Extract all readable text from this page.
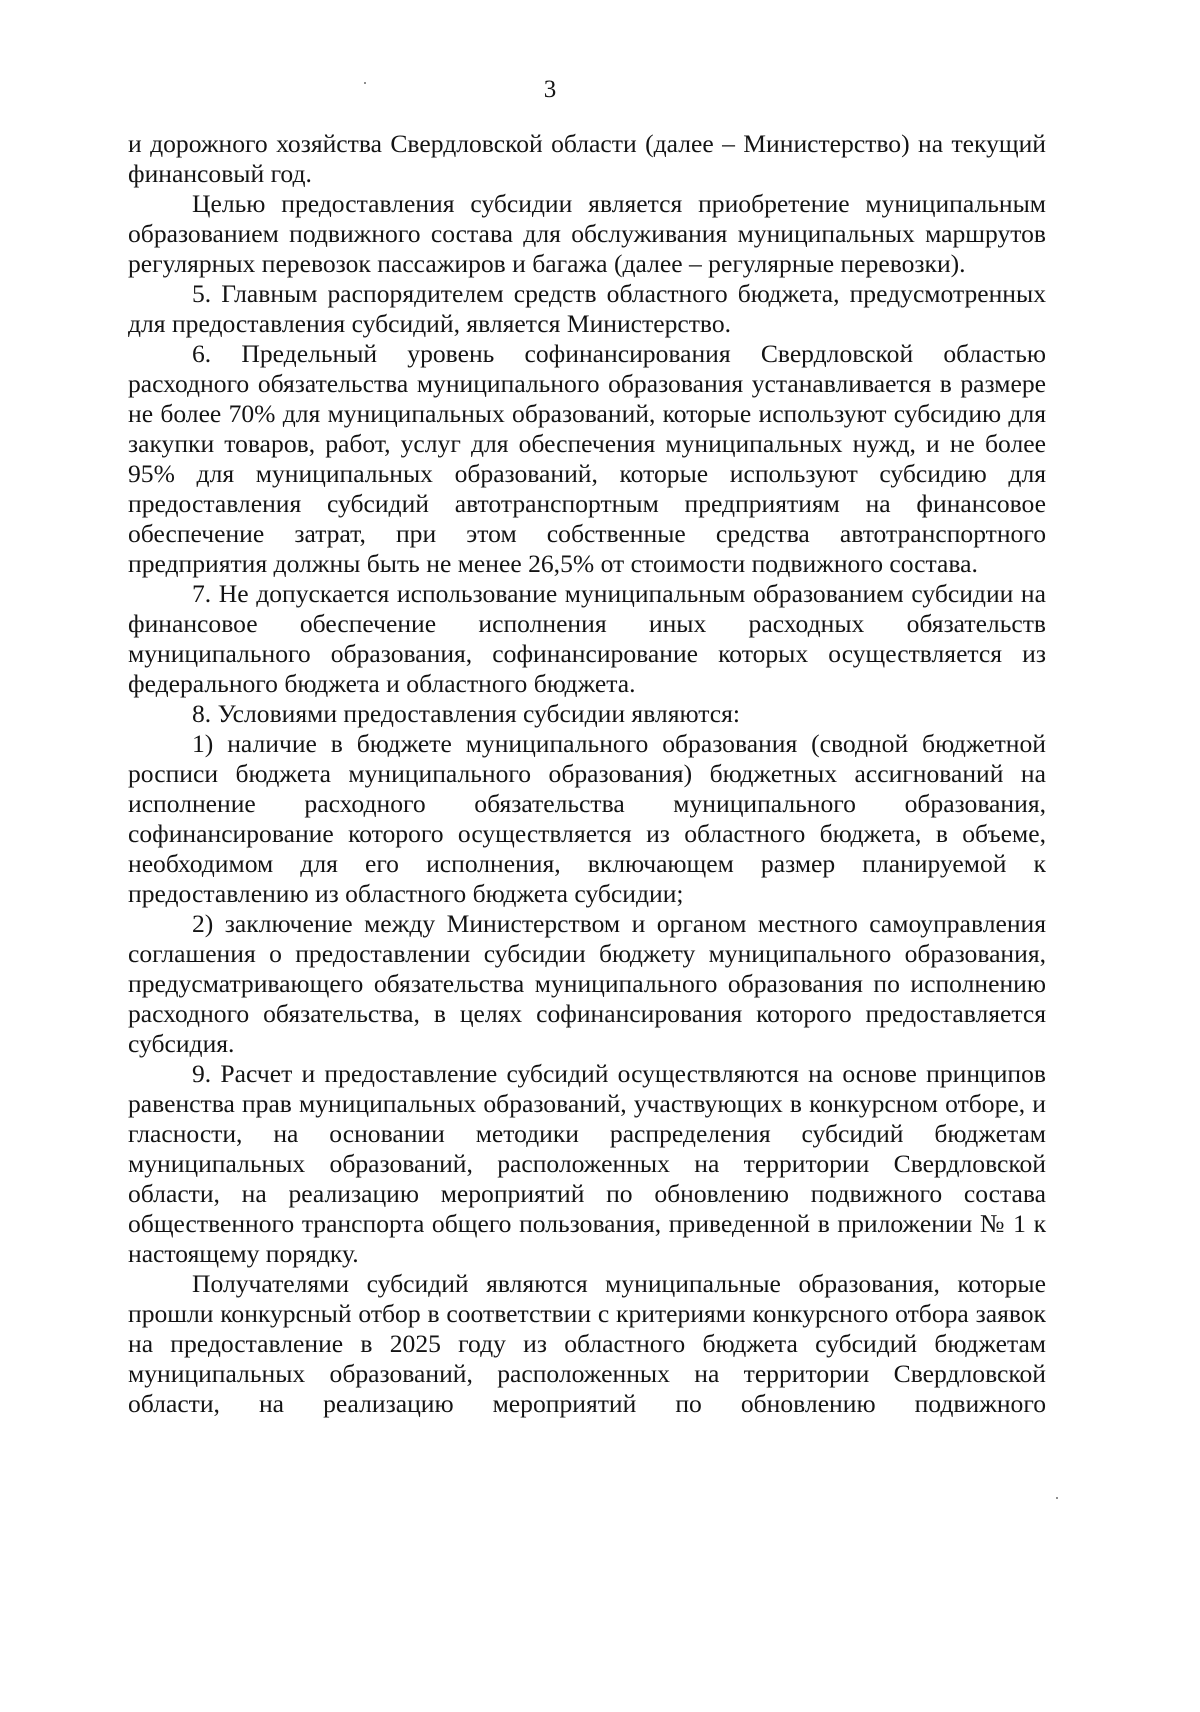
3

и дорожного хозяйства Свердловской области (далее – Министерство) на текущий финансовый год.

Целью предоставления субсидии является приобретение муниципальным образованием подвижного состава для обслуживания муниципальных маршрутов регулярных перевозок пассажиров и багажа (далее – регулярные перевозки).

5. Главным распорядителем средств областного бюджета, предусмотренных для предоставления субсидий, является Министерство.

6. Предельный уровень софинансирования Свердловской областью расходного обязательства муниципального образования устанавливается в размере не более 70% для муниципальных образований, которые используют субсидию для закупки товаров, работ, услуг для обеспечения муниципальных нужд, и не более 95% для муниципальных образований, которые используют субсидию для предоставления субсидий автотранспортным предприятиям на финансовое обеспечение затрат, при этом собственные средства автотранспортного предприятия должны быть не менее 26,5% от стоимости подвижного состава.

7. Не допускается использование муниципальным образованием субсидии на финансовое обеспечение исполнения иных расходных обязательств муниципального образования, софинансирование которых осуществляется из федерального бюджета и областного бюджета.

8. Условиями предоставления субсидии являются:

1) наличие в бюджете муниципального образования (сводной бюджетной росписи бюджета муниципального образования) бюджетных ассигнований на исполнение расходного обязательства муниципального образования, софинансирование которого осуществляется из областного бюджета, в объеме, необходимом для его исполнения, включающем размер планируемой к предоставлению из областного бюджета субсидии;

2) заключение между Министерством и органом местного самоуправления соглашения о предоставлении субсидии бюджету муниципального образования, предусматривающего обязательства муниципального образования по исполнению расходного обязательства, в целях софинансирования которого предоставляется субсидия.

9. Расчет и предоставление субсидий осуществляются на основе принципов равенства прав муниципальных образований, участвующих в конкурсном отборе, и гласности, на основании методики распределения субсидий бюджетам муниципальных образований, расположенных на территории Свердловской области, на реализацию мероприятий по обновлению подвижного состава общественного транспорта общего пользования, приведенной в приложении № 1 к настоящему порядку.

Получателями субсидий являются муниципальные образования, которые прошли конкурсный отбор в соответствии с критериями конкурсного отбора заявок на предоставление в 2025 году из областного бюджета субсидий бюджетам муниципальных образований, расположенных на территории Свердловской области, на реализацию мероприятий по обновлению подвижного
